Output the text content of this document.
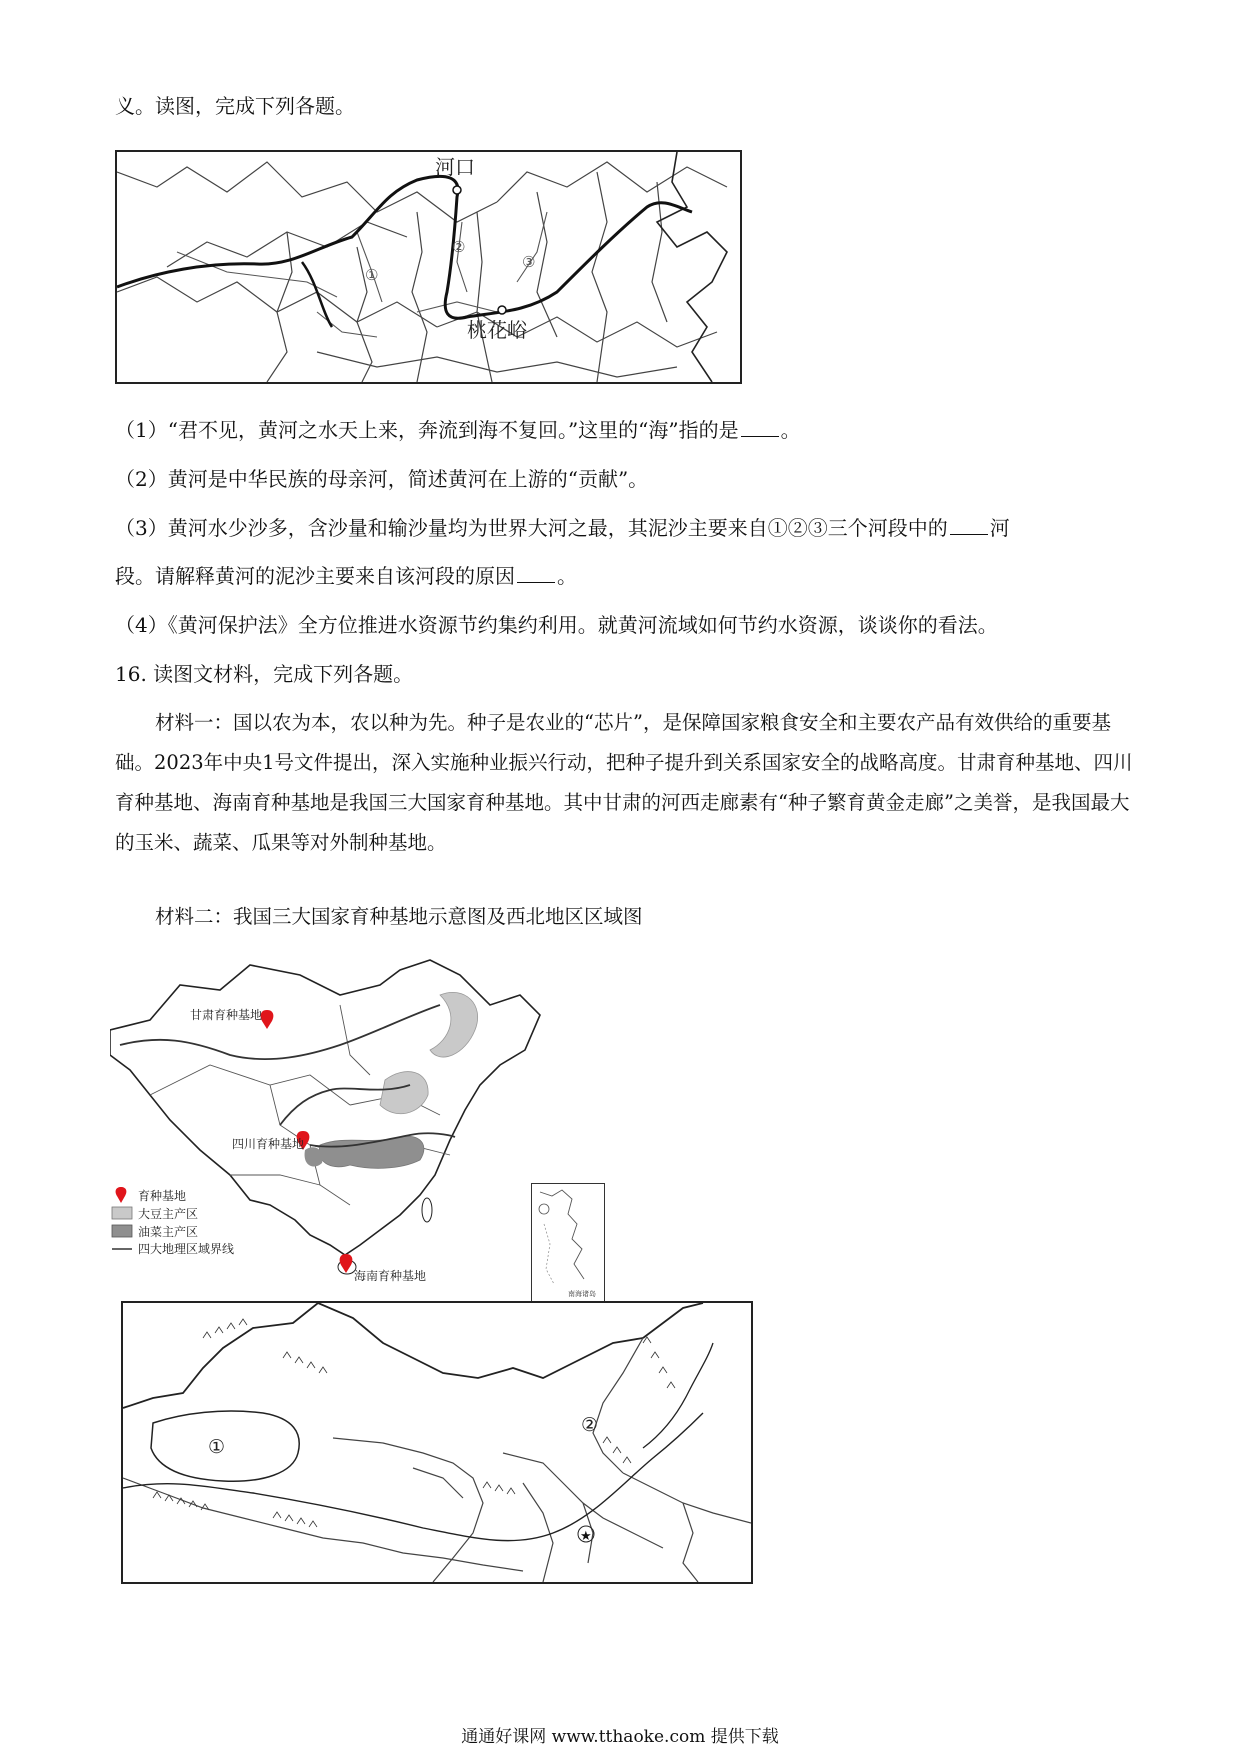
义。读图，完成下列各题。
河口
桃花峪
①
②
③
（1）“君不见，黄河之水天上来，奔流到海不复回。”这里的“海”指的是 。
（2）黄河是中华民族的母亲河，简述黄河在上游的“贡献”。
（3）黄河水少沙多，含沙量和输沙量均为世界大河之最，其泥沙主要来自①②③三个河段中的 河
段。请解释黄河的泥沙主要来自该河段的原因 。
（4）《黄河保护法》全方位推进水资源节约集约利用。就黄河流域如何节约水资源，谈谈你的看法。
16. 读图文材料，完成下列各题。

材料一：国以农为本，农以种为先。种子是农业的“芯片”，是保障国家粮食安全和主要农产品有效供给的重要基础。2023年中央1号文件提出，深入实施种业振兴行动，把种子提升到关系国家安全的战略高度。甘肃育种基地、四川育种基地、海南育种基地是我国三大国家育种基地。其中甘肃的河西走廊素有“种子繁育黄金走廊”之美誉，是我国最大的玉米、蔬菜、瓜果等对外制种基地。

材料二：我国三大国家育种基地示意图及西北地区区域图

甘肃育种基地
四川育种基地
海南育种基地
育种基地
大豆主产区
油菜主产区
四大地理区域界线
南海诸岛
①
②
★
通通好课网 www.tthaoke.com 提供下载
